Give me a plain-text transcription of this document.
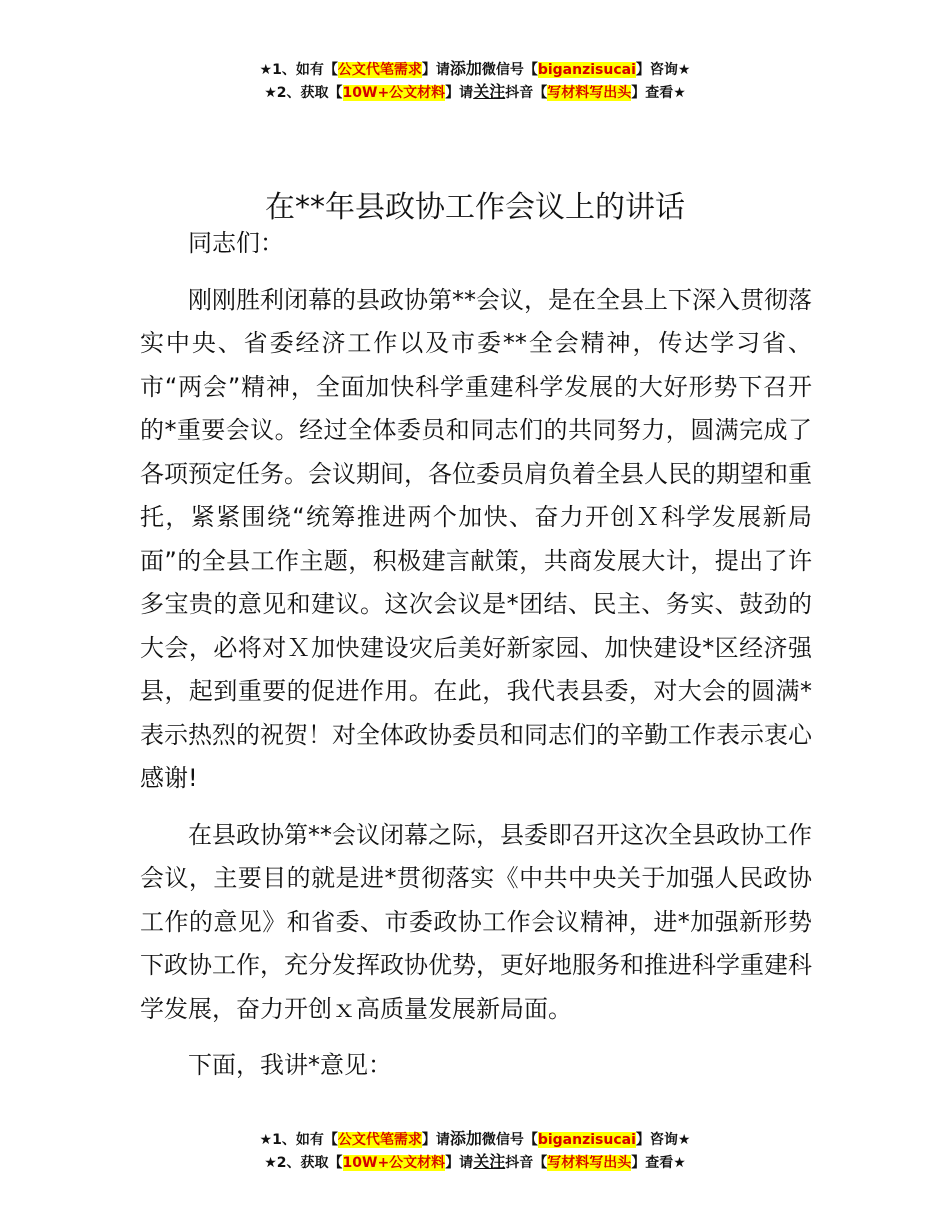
★1、如有【公文代笔需求】请添加微信号【biganzisucai】咨询★
★2、获取【10W+公文材料】请关注抖音【写材料写出头】查看★
在**年县政协工作会议上的讲话

同志们：

刚刚胜利闭幕的县政协第**会议，是在全县上下深入贯彻落实中央、省委经济工作以及市委**全会精神，传达学习省、市“两会”精神，全面加快科学重建科学发展的大好形势下召开的*重要会议。经过全体委员和同志们的共同努力，圆满完成了各项预定任务。会议期间，各位委员肩负着全县人民的期望和重托，紧紧围绕“统筹推进两个加快、奋力开创Ｘ科学发展新局面”的全县工作主题，积极建言献策，共商发展大计，提出了许多宝贵的意见和建议。这次会议是*团结、民主、务实、鼓劲的大会，必将对Ｘ加快建设灾后美好新家园、加快建设*区经济强县，起到重要的促进作用。在此，我代表县委，对大会的圆满*表示热烈的祝贺！对全体政协委员和同志们的辛勤工作表示衷心感谢!

在县政协第**会议闭幕之际，县委即召开这次全县政协工作会议，主要目的就是进*贯彻落实《中共中央关于加强人民政协工作的意见》和省委、市委政协工作会议精神，进*加强新形势下政协工作，充分发挥政协优势，更好地服务和推进科学重建科学发展，奋力开创ｘ高质量发展新局面。

下面，我讲*意见：

★1、如有【公文代笔需求】请添加微信号【biganzisucai】咨询★
★2、获取【10W+公文材料】请关注抖音【写材料写出头】查看★
